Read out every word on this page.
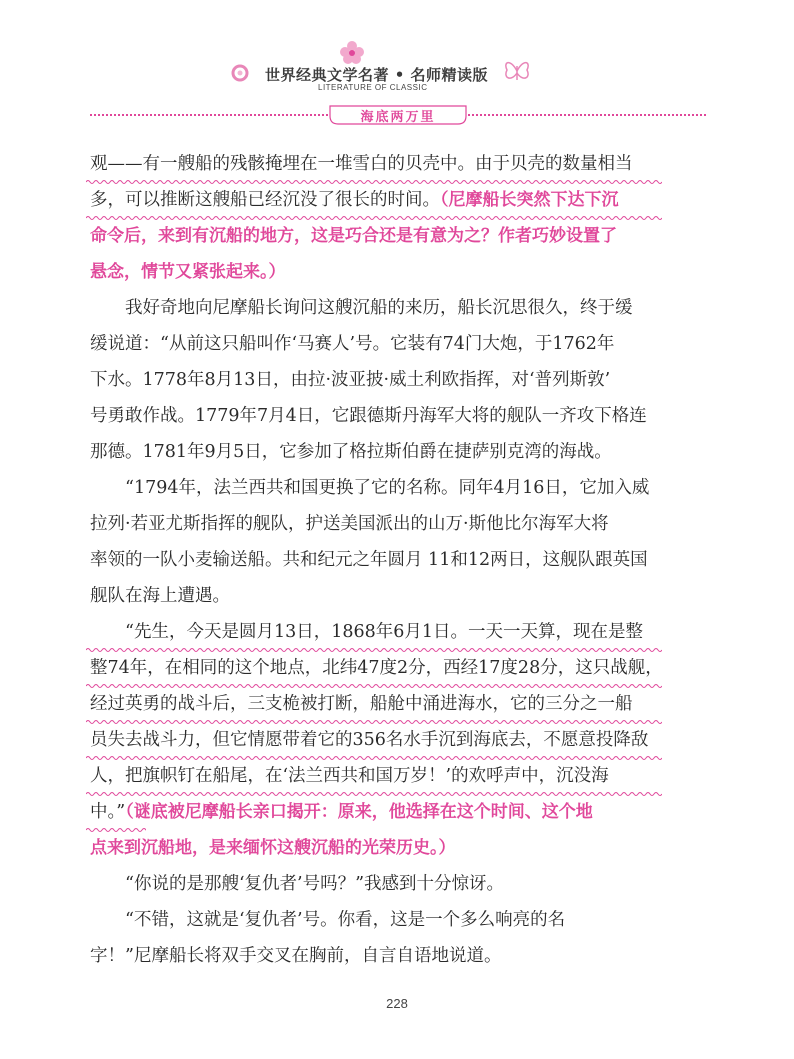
世界经典文学名著 • 名师精读版
LITERATURE OF CLASSIC
海底两万里
观——有一艘船的残骸掩埋在一堆雪白的贝壳中。由于贝壳的数量相当
多，可以推断这艘船已经沉没了很长的时间。（尼摩船长突然下达下沉
命令后，来到有沉船的地方，这是巧合还是有意为之？作者巧妙设置了
悬念，情节又紧张起来。）
我好奇地向尼摩船长询问这艘沉船的来历，船长沉思很久，终于缓
缓说道：“从前这只船叫作‘马赛人’号。它装有74门大炮，于1762年
下水。1778年8月13日，由拉·波亚披·威土利欧指挥，对‘普列斯敦’
号勇敢作战。1779年7月4日，它跟德斯丹海军大将的舰队一齐攻下格连
那德。1781年9月5日，它参加了格拉斯伯爵在捷萨别克湾的海战。
“1794年，法兰西共和国更换了它的名称。同年4月16日，它加入威
拉列·若亚尤斯指挥的舰队，护送美国派出的山万·斯他比尔海军大将
率领的一队小麦输送船。共和纪元之年圆月 11和12两日，这舰队跟英国
舰队在海上遭遇。
“先生，今天是圆月13日，1868年6月1日。一天一天算，现在是整
整74年，在相同的这个地点，北纬47度2分，西经17度28分，这只战舰，
经过英勇的战斗后，三支桅被打断，船舱中涌进海水，它的三分之一船
员失去战斗力，但它情愿带着它的356名水手沉到海底去，不愿意投降敌
人，把旗帜钉在船尾，在‘法兰西共和国万岁！’的欢呼声中，沉没海
中。”（谜底被尼摩船长亲口揭开：原来，他选择在这个时间、这个地
点来到沉船地，是来缅怀这艘沉船的光荣历史。）
“你说的是那艘‘复仇者’号吗？”我感到十分惊讶。
“不错，这就是‘复仇者’号。你看，这是一个多么响亮的名
字！”尼摩船长将双手交叉在胸前，自言自语地说道。
228
